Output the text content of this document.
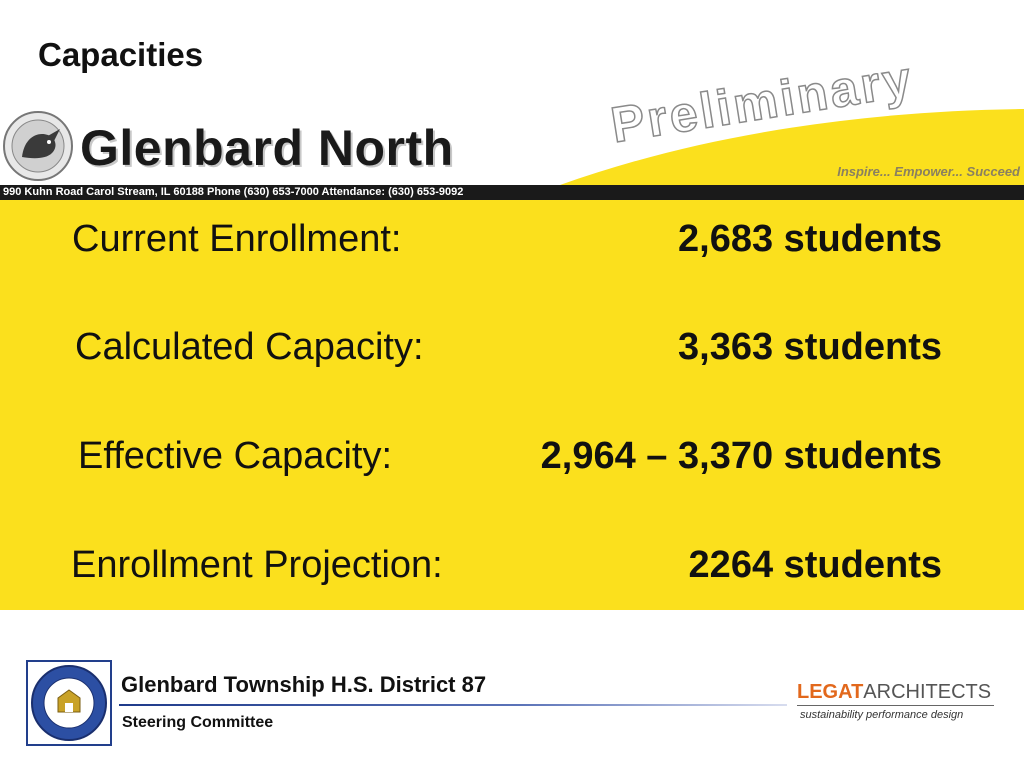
Capacities
Glenbard North	Preliminary
Inspire... Empower... Succeed
990 Kuhn Road Carol Stream, IL 60188 Phone (630) 653-7000 Attendance: (630) 653-9092
Current Enrollment:	2,683 students
Calculated Capacity:	3,363 students
Effective Capacity:	2,964 – 3,370 students
Enrollment Projection:	2264 students
Glenbard Township H.S. District 87
Steering Committee
LEGATARCHITECTS
sustainability performance design
